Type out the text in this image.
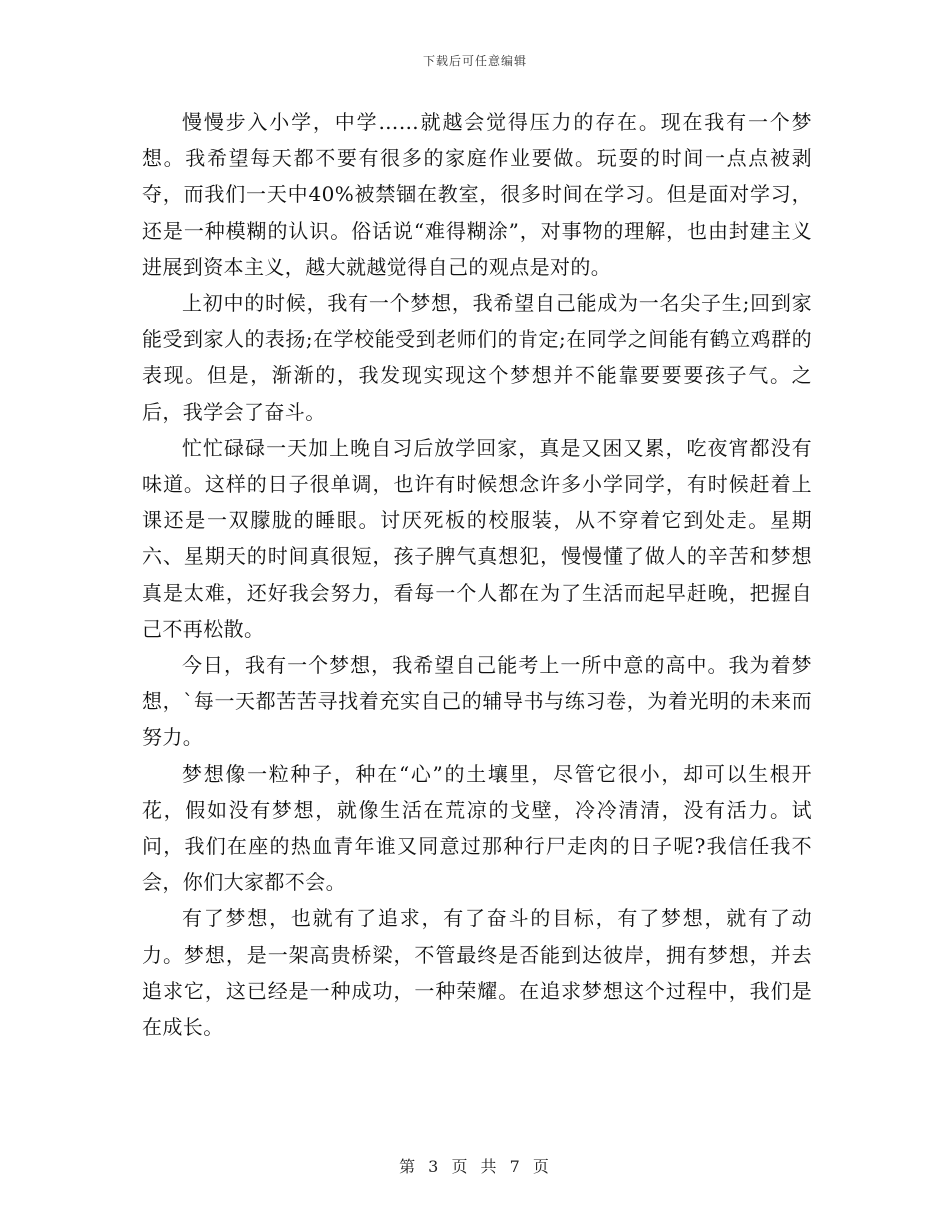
下载后可任意编辑

慢慢步入小学，中学……就越会觉得压力的存在。现在我有一个梦想。我希望每天都不要有很多的家庭作业要做。玩耍的时间一点点被剥夺，而我们一天中40%被禁锢在教室，很多时间在学习。但是面对学习，还是一种模糊的认识。俗话说“难得糊涂”，对事物的理解，也由封建主义进展到资本主义，越大就越觉得自己的观点是对的。

上初中的时候，我有一个梦想，我希望自己能成为一名尖子生;回到家能受到家人的表扬;在学校能受到老师们的肯定;在同学之间能有鹤立鸡群的表现。但是，渐渐的，我发现实现这个梦想并不能靠要要要孩子气。之后，我学会了奋斗。

忙忙碌碌一天加上晚自习后放学回家，真是又困又累，吃夜宵都没有味道。这样的日子很单调，也许有时候想念许多小学同学，有时候赶着上课还是一双朦胧的睡眼。讨厌死板的校服装，从不穿着它到处走。星期六、星期天的时间真很短，孩子脾气真想犯，慢慢懂了做人的辛苦和梦想真是太难，还好我会努力，看每一个人都在为了生活而起早赶晚，把握自己不再松散。

今日，我有一个梦想，我希望自己能考上一所中意的高中。我为着梦想，`每一天都苦苦寻找着充实自己的辅导书与练习卷，为着光明的未来而努力。

梦想像一粒种子，种在“心”的土壤里，尽管它很小，却可以生根开花，假如没有梦想，就像生活在荒凉的戈壁，冷冷清清，没有活力。试问，我们在座的热血青年谁又同意过那种行尸走肉的日子呢?我信任我不会，你们大家都不会。

有了梦想，也就有了追求，有了奋斗的目标，有了梦想，就有了动力。梦想，是一架高贵桥梁，不管最终是否能到达彼岸，拥有梦想，并去追求它，这已经是一种成功，一种荣耀。在追求梦想这个过程中，我们是在成长。

第 3 页 共 7 页
